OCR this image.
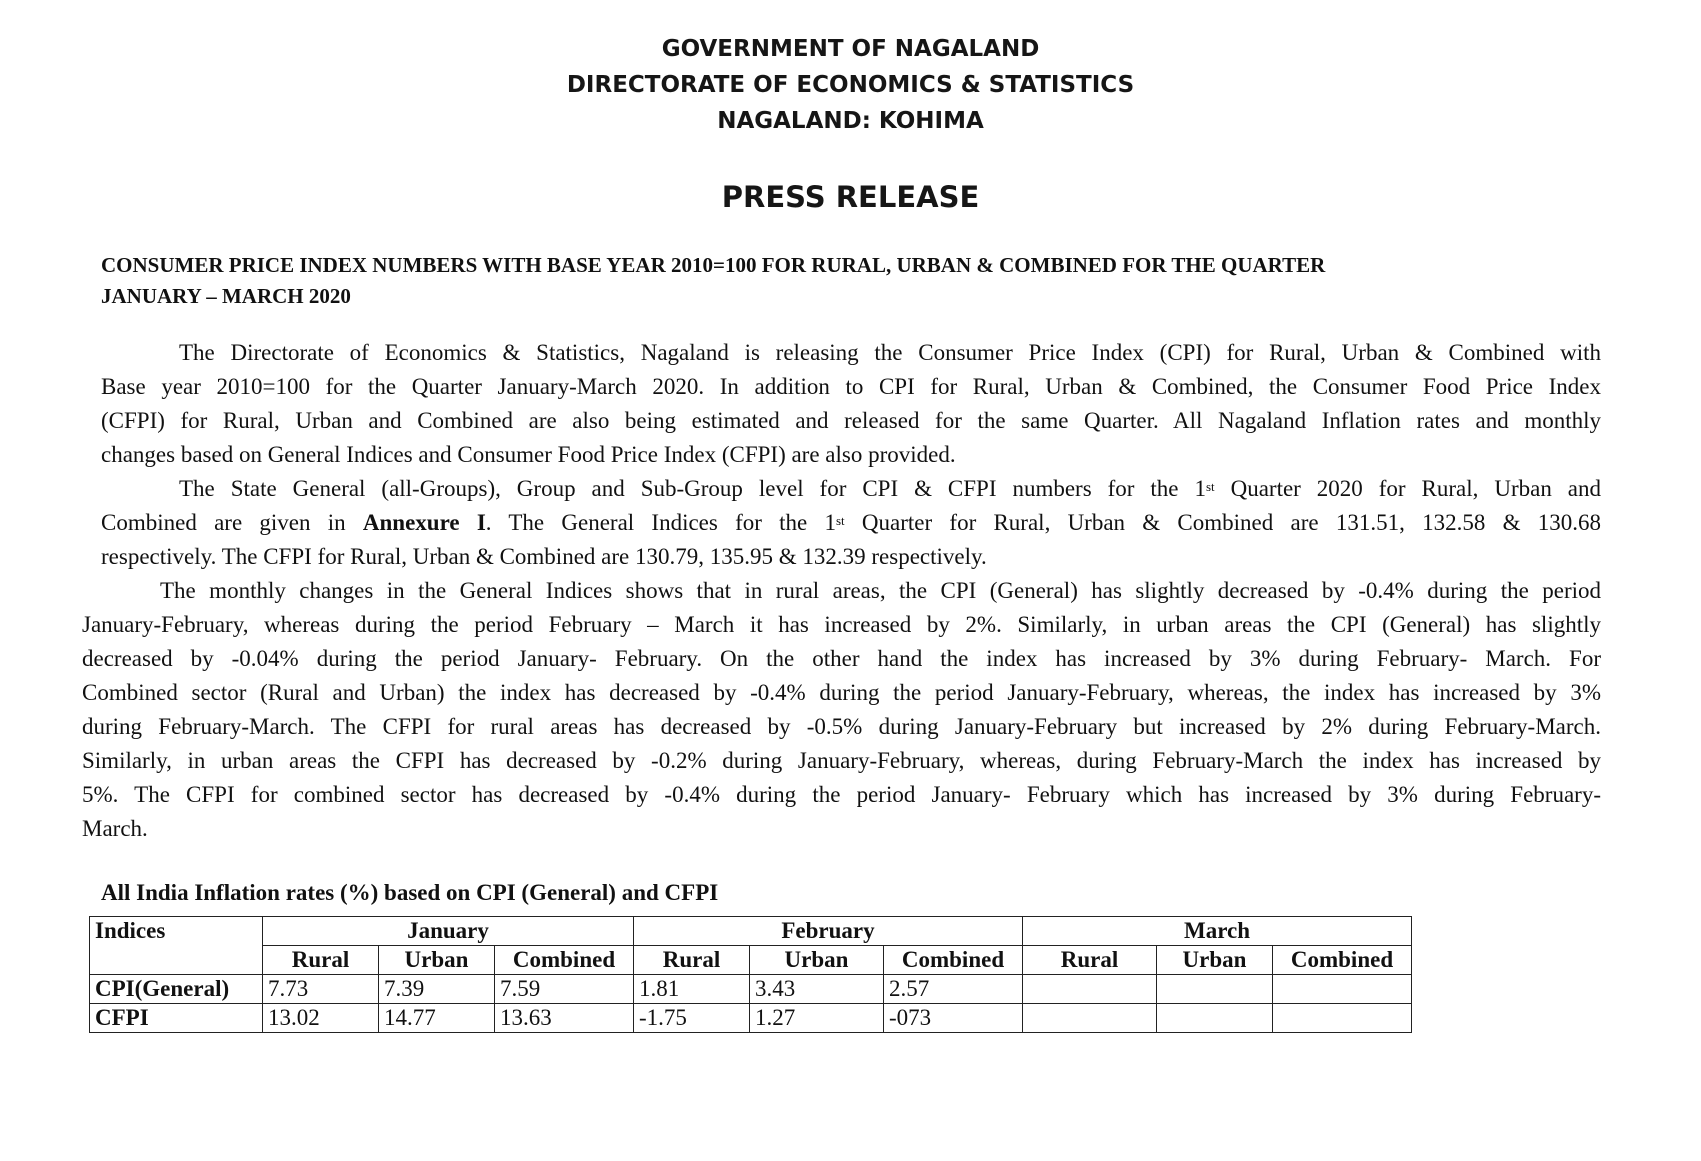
GOVERNMENT OF NAGALAND
DIRECTORATE OF ECONOMICS & STATISTICS
NAGALAND: KOHIMA
PRESS RELEASE
CONSUMER PRICE INDEX NUMBERS WITH BASE YEAR 2010=100 FOR RURAL, URBAN & COMBINED FOR THE QUARTER
JANUARY – MARCH 2020
The Directorate of Economics & Statistics, Nagaland is releasing the Consumer Price Index (CPI) for Rural, Urban & Combined with
Base year 2010=100 for the Quarter January-March 2020. In addition to CPI for Rural, Urban & Combined, the Consumer Food Price Index
(CFPI) for Rural, Urban and Combined are also being estimated and released for the same Quarter. All Nagaland Inflation rates and monthly
changes based on General Indices and Consumer Food Price Index (CFPI) are also provided.
The State General (all-Groups), Group and Sub-Group level for CPI & CFPI numbers for the 1st Quarter 2020 for Rural, Urban and
Combined are given in Annexure I. The General Indices for the 1st Quarter for Rural, Urban & Combined are 131.51, 132.58 & 130.68
respectively. The CFPI for Rural, Urban & Combined are 130.79, 135.95 & 132.39 respectively.
The monthly changes in the General Indices shows that in rural areas, the CPI (General) has slightly decreased by -0.4% during the period
January-February, whereas during the period February – March it has increased by 2%. Similarly, in urban areas the CPI (General) has slightly
decreased by -0.04% during the period January- February. On the other hand the index has increased by 3% during February- March. For
Combined sector (Rural and Urban) the index has decreased by -0.4% during the period January-February, whereas, the index has increased by 3%
during February-March. The CFPI for rural areas has decreased by -0.5% during January-February but increased by 2% during February-March.
Similarly, in urban areas the CFPI has decreased by -0.2% during January-February, whereas, during February-March the index has increased by
5%. The CFPI for combined sector has decreased by -0.4% during the period January- February which has increased by 3% during February-
March.
All India Inflation rates (%) based on CPI (General) and CFPI
Indices	January			February			March		
	Rural	Urban	Combined	Rural	Urban	Combined	Rural	Urban	Combined
CPI(General)	7.73	7.39	7.59	1.81	3.43	2.57			
CFPI	13.02	14.77	13.63	-1.75	1.27	-073			
